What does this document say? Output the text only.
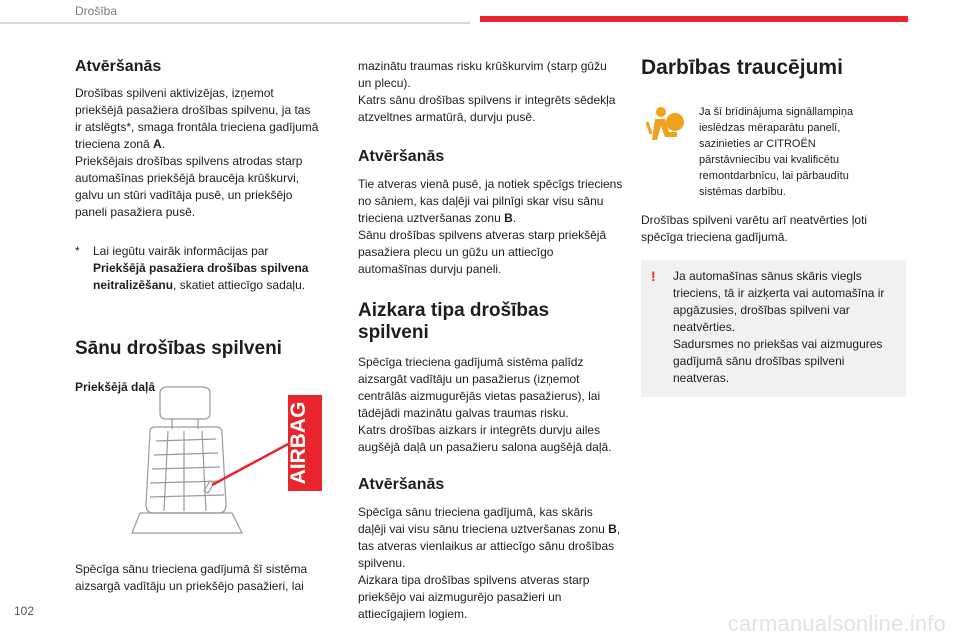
Drošība
Atvēršanās

Drošības spilveni aktivizējas, izņemot priekšējā pasažiera drošības spilvenu, ja tas ir atslēgts*, smaga frontāla trieciena gadījumā trieciena zonā A.

Priekšējais drošības spilvens atrodas starp automašīnas priekšējā braucēja krūškurvi, galvu un stūri vadītāja pusē, un priekšējo paneli pasažiera pusē.

*	Lai iegūtu vairāk informācijas par Priekšējā pasažiera drošības spilvena neitralizēšanu, skatiet attiecīgo sadaļu.
Sānu drošības spilveni

Priekšējā daļā

AIRBAG

Spēcīga sānu trieciena gadījumā šī sistēma aizsargā vadītāju un priekšējo pasažieri, lai

mazinātu traumas risku krūškurvim (starp gūžu un plecu).

Katrs sānu drošības spilvens ir integrēts sēdekļa atzveltnes armatūrā, durvju pusē.

Atvēršanās

Tie atveras vienā pusē, ja notiek spēcīgs trieciens no sāniem, kas daļēji vai pilnīgi skar visu sānu trieciena uztveršanas zonu B.

Sānu drošības spilvens atveras starp priekšējā pasažiera plecu un gūžu un attiecīgo automašīnas durvju paneli.

Aizkara tipa drošības spilveni

Spēcīga trieciena gadījumā sistēma palīdz aizsargāt vadītāju un pasažierus (izņemot centrālās aizmugurējās vietas pasažierus), lai tādējādi mazinātu galvas traumas risku.

Katrs drošības aizkars ir integrēts durvju ailes augšējā daļā un pasažieru salona augšējā daļā.

Atvēršanās

Spēcīga sānu trieciena gadījumā, kas skāris daļēji vai visu sānu trieciena uztveršanas zonu B, tas atveras vienlaikus ar attiecīgo sānu drošības spilvenu.

Aizkara tipa drošības spilvens atveras starp priekšējo vai aizmugurējo pasažieri un attiecīgajiem logiem.

Darbības traucējumi

Ja šī brīdinājuma signāllampiņa ieslēdzas mēraparātu panelī, sazinieties ar CITROËN pārstāvniecību vai kvalificētu remontdarbnīcu, lai pārbaudītu sistēmas darbību.

Drošības spilveni varētu arī neatvērties ļoti spēcīga trieciena gadījumā.

!	Ja automašīnas sānus skāris viegls trieciens, tā ir aizķerta vai automašīna ir apgāzusies, drošības spilveni var neatvērties.

Sadursmes no priekšas vai aizmugures gadījumā sānu drošības spilveni neatveras.

102	carmanualsonline.info
